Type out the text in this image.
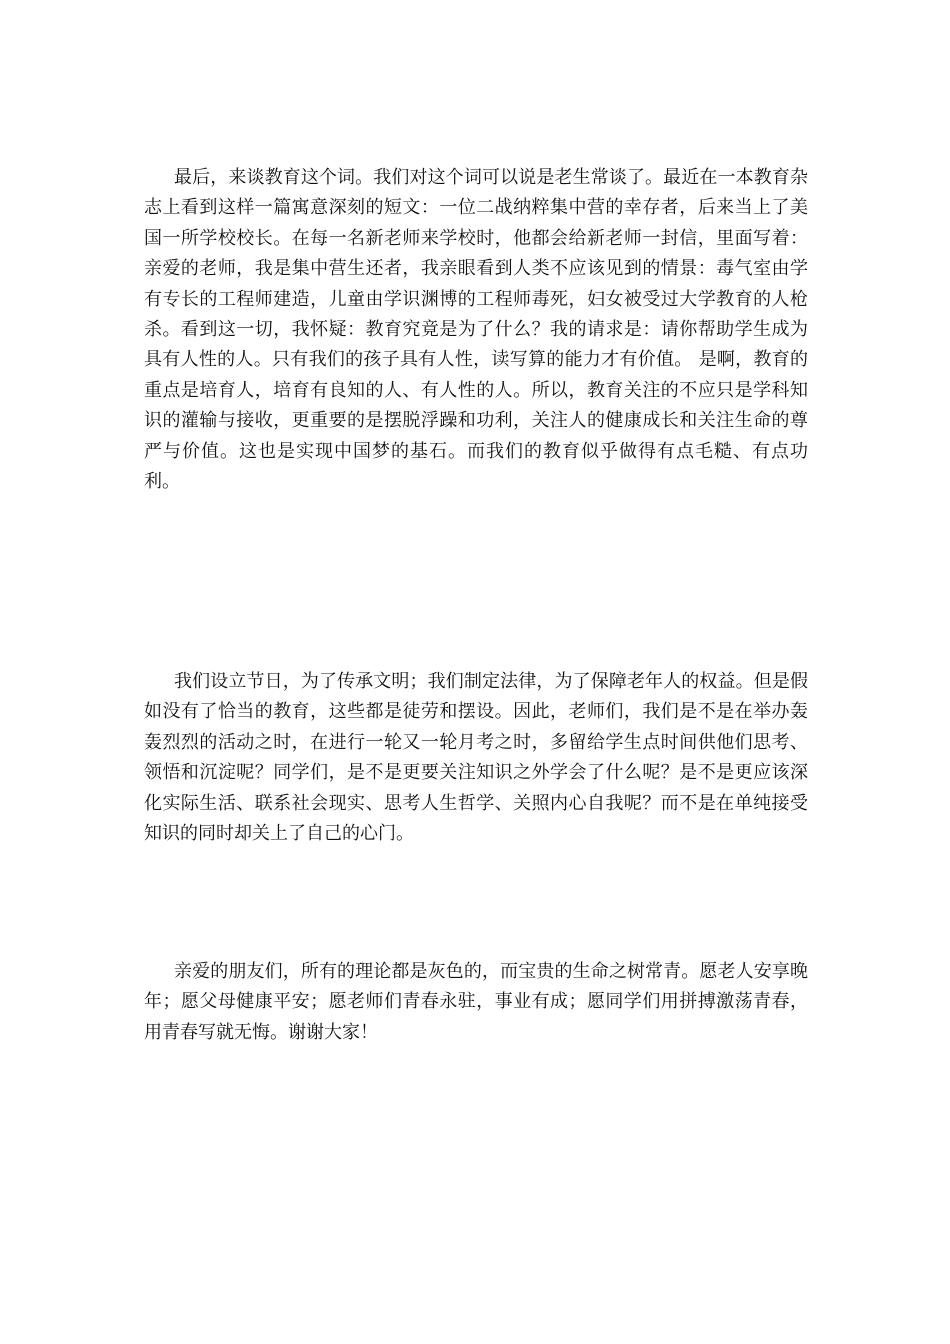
最后，来谈教育这个词。我们对这个词可以说是老生常谈了。最近在一本教育杂志上看到这样一篇寓意深刻的短文：一位二战纳粹集中营的幸存者，后来当上了美国一所学校校长。在每一名新老师来学校时，他都会给新老师一封信，里面写着： 亲爱的老师，我是集中营生还者，我亲眼看到人类不应该见到的情景：毒气室由学有专长的工程师建造，儿童由学识渊博的工程师毒死，妇女被受过大学教育的人枪杀。看到这一切，我怀疑：教育究竟是为了什么？我的请求是：请你帮助学生成为具有人性的人。只有我们的孩子具有人性，读写算的能力才有价值。 是啊，教育的重点是培育人，培育有良知的人、有人性的人。所以，教育关注的不应只是学科知识的灌输与接收，更重要的是摆脱浮躁和功利，关注人的健康成长和关注生命的尊严与价值。这也是实现中国梦的基石。而我们的教育似乎做得有点毛糙、有点功利。

我们设立节日，为了传承文明；我们制定法律，为了保障老年人的权益。但是假如没有了恰当的教育，这些都是徒劳和摆设。因此，老师们，我们是不是在举办轰轰烈烈的活动之时，在进行一轮又一轮月考之时，多留给学生点时间供他们思考、领悟和沉淀呢？同学们，是不是更要关注知识之外学会了什么呢？是不是更应该深化实际生活、联系社会现实、思考人生哲学、关照内心自我呢？而不是在单纯接受知识的同时却关上了自己的心门。

亲爱的朋友们，所有的理论都是灰色的，而宝贵的生命之树常青。愿老人安享晚年；愿父母健康平安；愿老师们青春永驻，事业有成；愿同学们用拼搏激荡青春，用青春写就无悔。谢谢大家！
